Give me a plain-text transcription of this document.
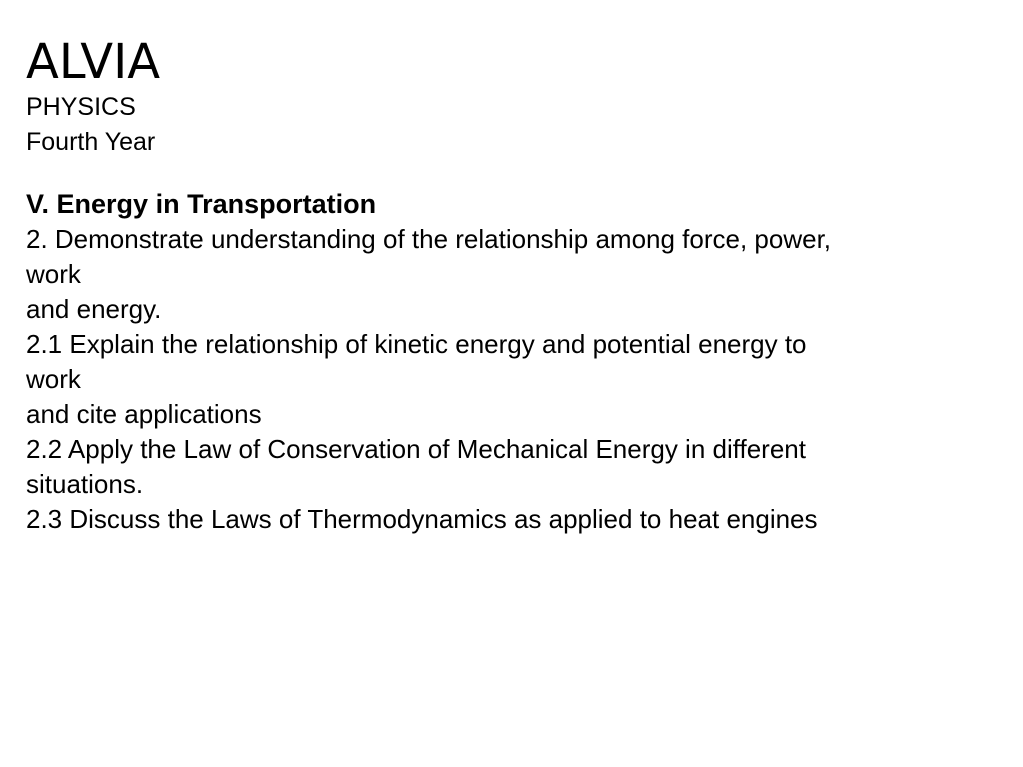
ALVIA

PHYSICS

Fourth Year

V. Energy in Transportation

2. Demonstrate understanding of the relationship among force, power,

work

and energy.

2.1 Explain the relationship of kinetic energy and potential energy to

work

and cite applications

2.2 Apply the Law of Conservation of Mechanical Energy in different

situations.

2.3 Discuss the Laws of Thermodynamics as applied to heat engines
